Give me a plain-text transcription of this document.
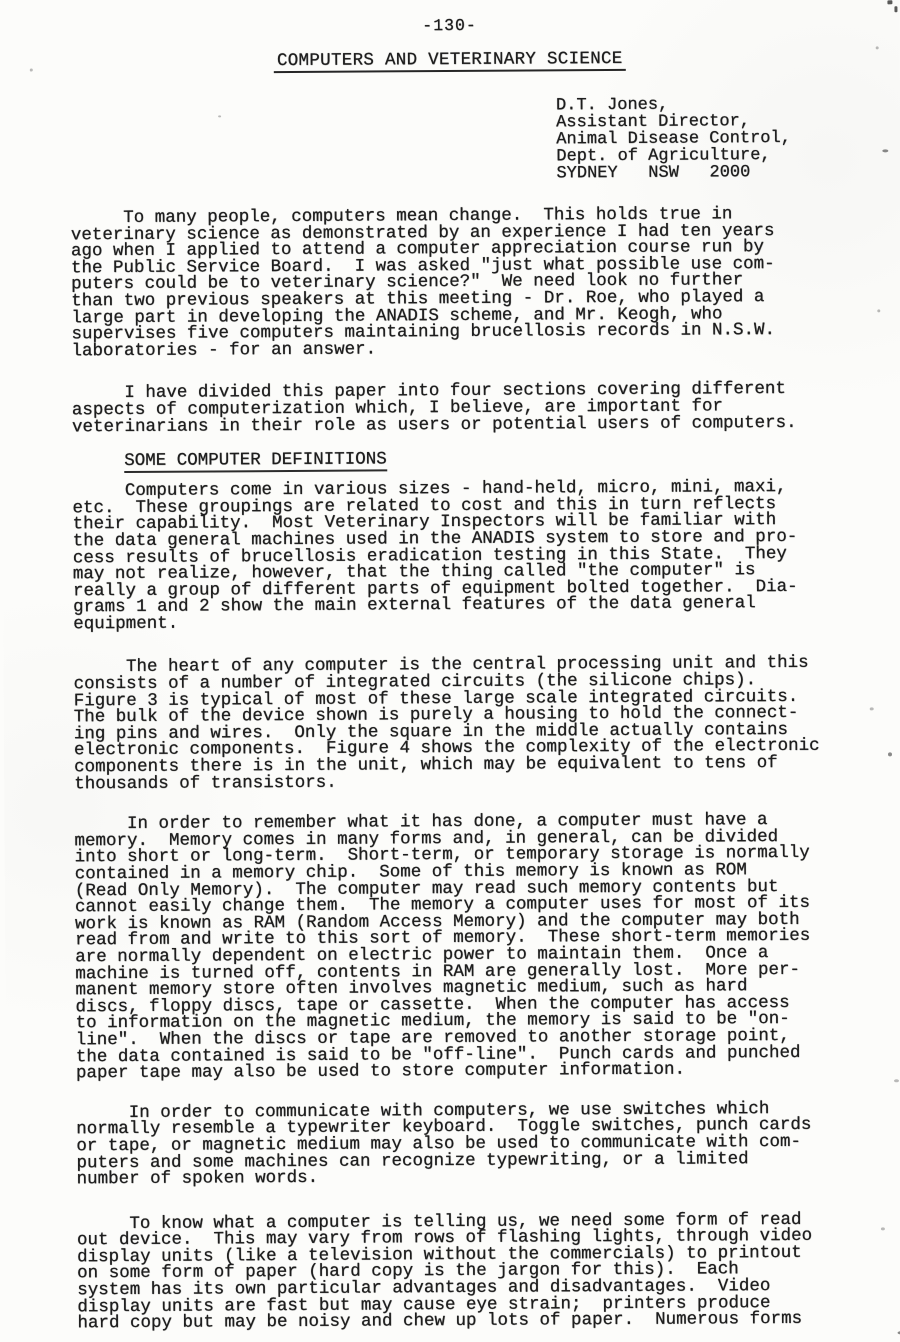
-130-
COMPUTERS AND VETERINARY SCIENCE
D.T. Jones,
Assistant Director,
Animal Disease Control,
Dept. of Agriculture,
SYDNEY   NSW   2000

To many people, computers mean change.  This holds true in
veterinary science as demonstrated by an experience I had ten years
ago when I applied to attend a computer appreciation course run by
the Public Service Board.  I was asked "just what possible use com-
puters could be to veterinary science?"  We need look no further
than two previous speakers at this meeting - Dr. Roe, who played a
large part in developing the ANADIS scheme, and Mr. Keogh, who
supervises five computers maintaining brucellosis records in N.S.W.
laboratories - for an answer.

I have divided this paper into four sections covering different
aspects of computerization which, I believe, are important for
veterinarians in their role as users or potential users of computers.

SOME COMPUTER DEFINITIONS

Computers come in various sizes - hand-held, micro, mini, maxi,
etc.  These groupings are related to cost and this in turn reflects
their capability.  Most Veterinary Inspectors will be familiar with
the data general machines used in the ANADIS system to store and pro-
cess results of brucellosis eradication testing in this State.  They
may not realize, however, that the thing called "the computer" is
really a group of different parts of equipment bolted together.  Dia-
grams 1 and 2 show the main external features of the data general
equipment.

The heart of any computer is the central processing unit and this
consists of a number of integrated circuits (the silicone chips).
Figure 3 is typical of most of these large scale integrated circuits.
The bulk of the device shown is purely a housing to hold the connect-
ing pins and wires.  Only the square in the middle actually contains
electronic components.  Figure 4 shows the complexity of the electronic
components there is in the unit, which may be equivalent to tens of
thousands of transistors.

In order to remember what it has done, a computer must have a
memory.  Memory comes in many forms and, in general, can be divided
into short or long-term.  Short-term, or temporary storage is normally
contained in a memory chip.  Some of this memory is known as ROM
(Read Only Memory).  The computer may read such memory contents but
cannot easily change them.  The memory a computer uses for most of its
work is known as RAM (Random Access Memory) and the computer may both
read from and write to this sort of memory.  These short-term memories
are normally dependent on electric power to maintain them.  Once a
machine is turned off, contents in RAM are generally lost.  More per-
manent memory store often involves magnetic medium, such as hard
discs, floppy discs, tape or cassette.  When the computer has access
to information on the magnetic medium, the memory is said to be "on-
line".  When the discs or tape are removed to another storage point,
the data contained is said to be "off-line".  Punch cards and punched
paper tape may also be used to store computer information.

In order to communicate with computers, we use switches which
normally resemble a typewriter keyboard.  Toggle switches, punch cards
or tape, or magnetic medium may also be used to communicate with com-
puters and some machines can recognize typewriting, or a limited
number of spoken words.

To know what a computer is telling us, we need some form of read
out device.  This may vary from rows of flashing lights, through video
display units (like a television without the commercials) to printout
on some form of paper (hard copy is the jargon for this).  Each
system has its own particular advantages and disadvantages.  Video
display units are fast but may cause eye strain;  printers produce
hard copy but may be noisy and chew up lots of paper.  Numerous forms
